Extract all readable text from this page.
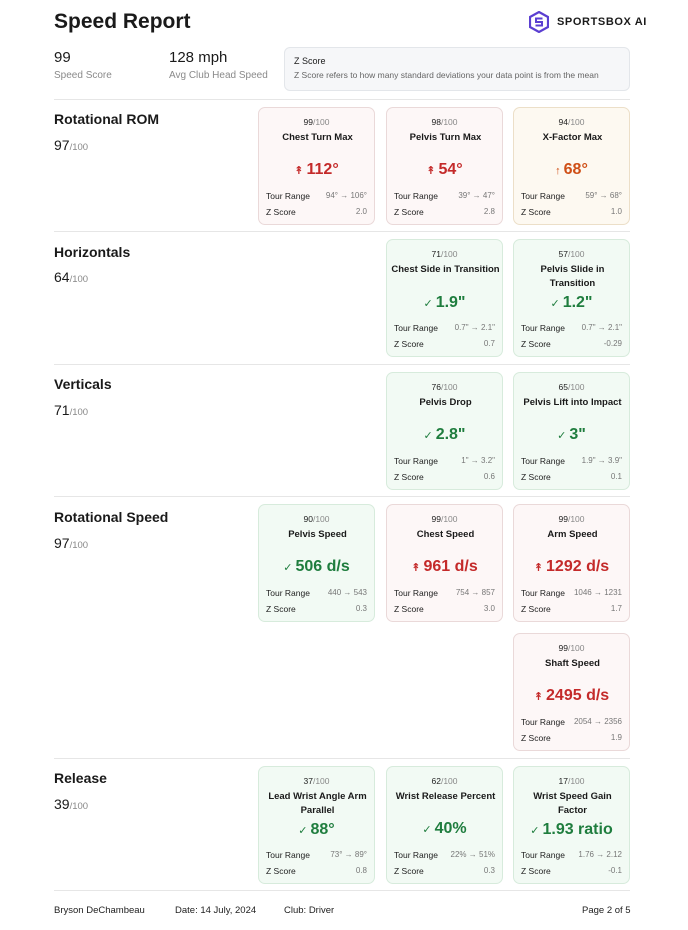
Speed Report	SPORTSBOX AI
99
Speed Score
128 mph
Avg Club Head Speed
Z Score
Z Score refers to how many standard deviations your data point is from the mean
Rotational ROM
97/100
Horizontals
64/100
Verticals
71/100
Rotational Speed
97/100
Release
39/100
99/100
Chest Turn Max
↟ 112°
Tour Range 94° → 106°
Z Score	2.0
98/100
Pelvis Turn Max
↟ 54°
Tour Range	39° → 47°
Z Score	2.8
94/100
X-Factor Max
↑ 68°
Tour Range	59° → 68°
Z Score	1.0
71/100
Chest Side in Transition
✓ 1.9"
Tour Range 0.7" → 2.1"
Z Score	0.7
57/100
Pelvis Slide in Transition
✓ 1.2"
Tour Range 0.7" → 2.1"
Z Score	-0.29
76/100
Pelvis Drop
✓ 2.8"
Tour Range	1" → 3.2"
Z Score	0.6
65/100
Pelvis Lift into Impact
✓ 3"
Tour Range 1.9" → 3.9"
Z Score	0.1
90/100
Pelvis Speed
✓ 506 d/s
Tour Range 440 → 543
Z Score	0.3
99/100
Chest Speed
↟ 961 d/s
Tour Range 754 → 857
Z Score	3.0
99/100
Arm Speed
↟ 1292 d/s
Tour Range 1046 → 1231
Z Score	1.7
99/100
Shaft Speed
↟ 2495 d/s
Tour Range 2054 → 2356
Z Score	1.9
37/100
Lead Wrist Angle Arm Parallel
✓ 88°
Tour Range	73° → 89°
Z Score	0.8
62/100
Wrist Release Percent
✓ 40%
Tour Range 22% → 51%
Z Score	0.3
17/100
Wrist Speed Gain Factor
✓ 1.93 ratio
Tour Range 1.76 → 2.12
Z Score	-0.1
Bryson DeChambeau	Date: 14 July, 2024	Club: Driver	Page 2 of 5
